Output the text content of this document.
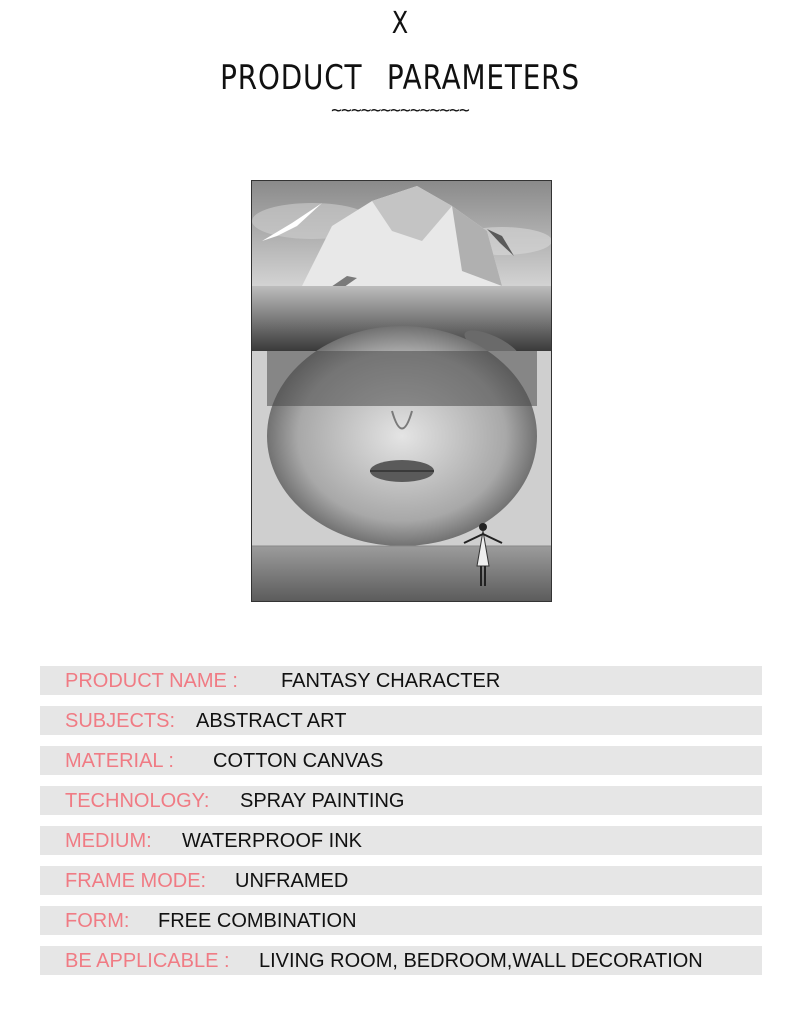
X
PRODUCT PARAMETERS
~~~~~~~~~~~~~~
PRODUCT NAME : FANTASY CHARACTER
SUBJECTS: ABSTRACT ART
MATERIAL : COTTON CANVAS
TECHNOLOGY: SPRAY PAINTING
MEDIUM: WATERPROOF INK
FRAME MODE: UNFRAMED
FORM: FREE COMBINATION
BE APPLICABLE : LIVING ROOM, BEDROOM,WALL DECORATION
